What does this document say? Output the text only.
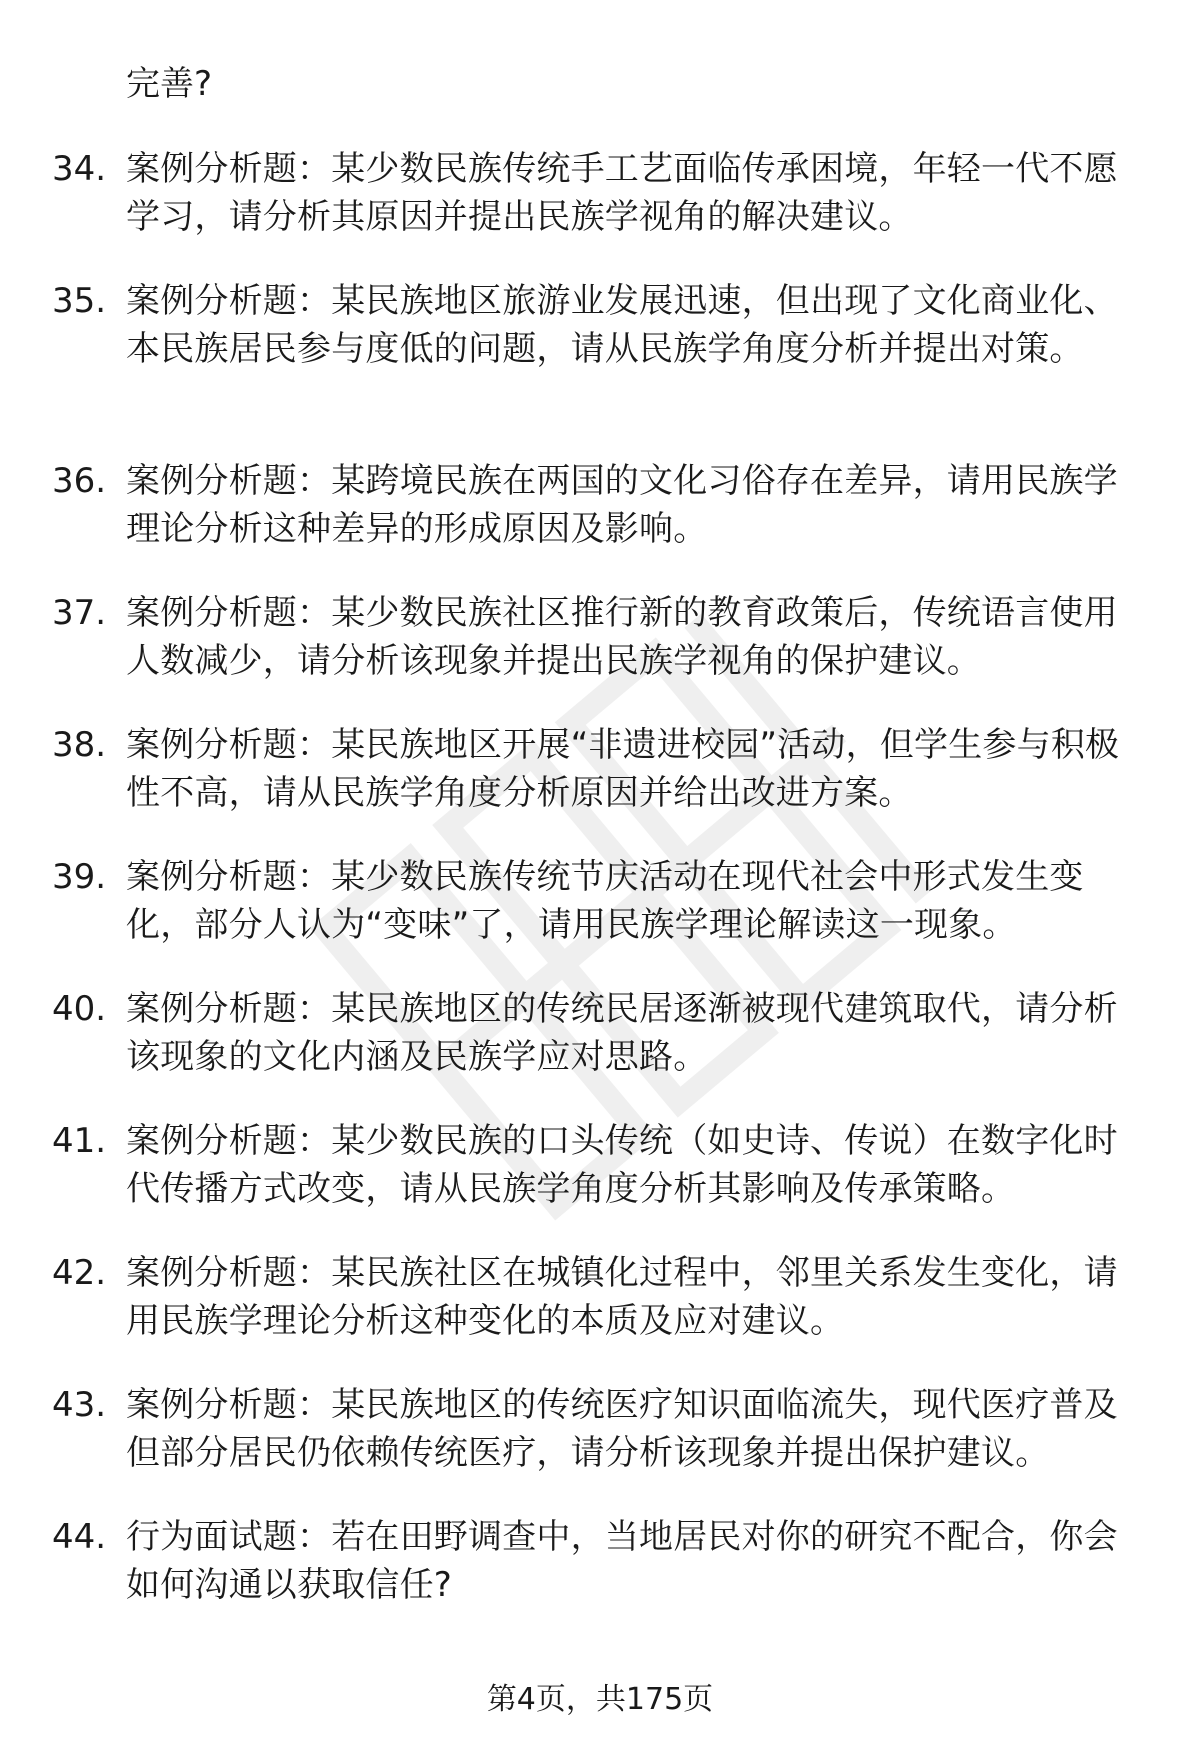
完善?

34. 案例分析题：某少数民族传统手工艺面临传承困境，年轻一代不愿学习，请分析其原因并提出民族学视角的解决建议。
35. 案例分析题：某民族地区旅游业发展迅速，但出现了文化商业化、本民族居民参与度低的问题，请从民族学角度分析并提出对策。
36. 案例分析题：某跨境民族在两国的文化习俗存在差异，请用民族学理论分析这种差异的形成原因及影响。
37. 案例分析题：某少数民族社区推行新的教育政策后，传统语言使用人数减少，请分析该现象并提出民族学视角的保护建议。
38. 案例分析题：某民族地区开展“非遗进校园”活动，但学生参与积极性不高，请从民族学角度分析原因并给出改进方案。
39. 案例分析题：某少数民族传统节庆活动在现代社会中形式发生变化，部分人认为“变味”了，请用民族学理论解读这一现象。
40. 案例分析题：某民族地区的传统民居逐渐被现代建筑取代，请分析该现象的文化内涵及民族学应对思路。
41. 案例分析题：某少数民族的口头传统（如史诗、传说）在数字化时代传播方式改变，请从民族学角度分析其影响及传承策略。
42. 案例分析题：某民族社区在城镇化过程中，邻里关系发生变化，请用民族学理论分析这种变化的本质及应对建议。
43. 案例分析题：某民族地区的传统医疗知识面临流失，现代医疗普及但部分居民仍依赖传统医疗，请分析该现象并提出保护建议。
44. 行为面试题：若在田野调查中，当地居民对你的研究不配合，你会如何沟通以获取信任?
第4页，共175页
